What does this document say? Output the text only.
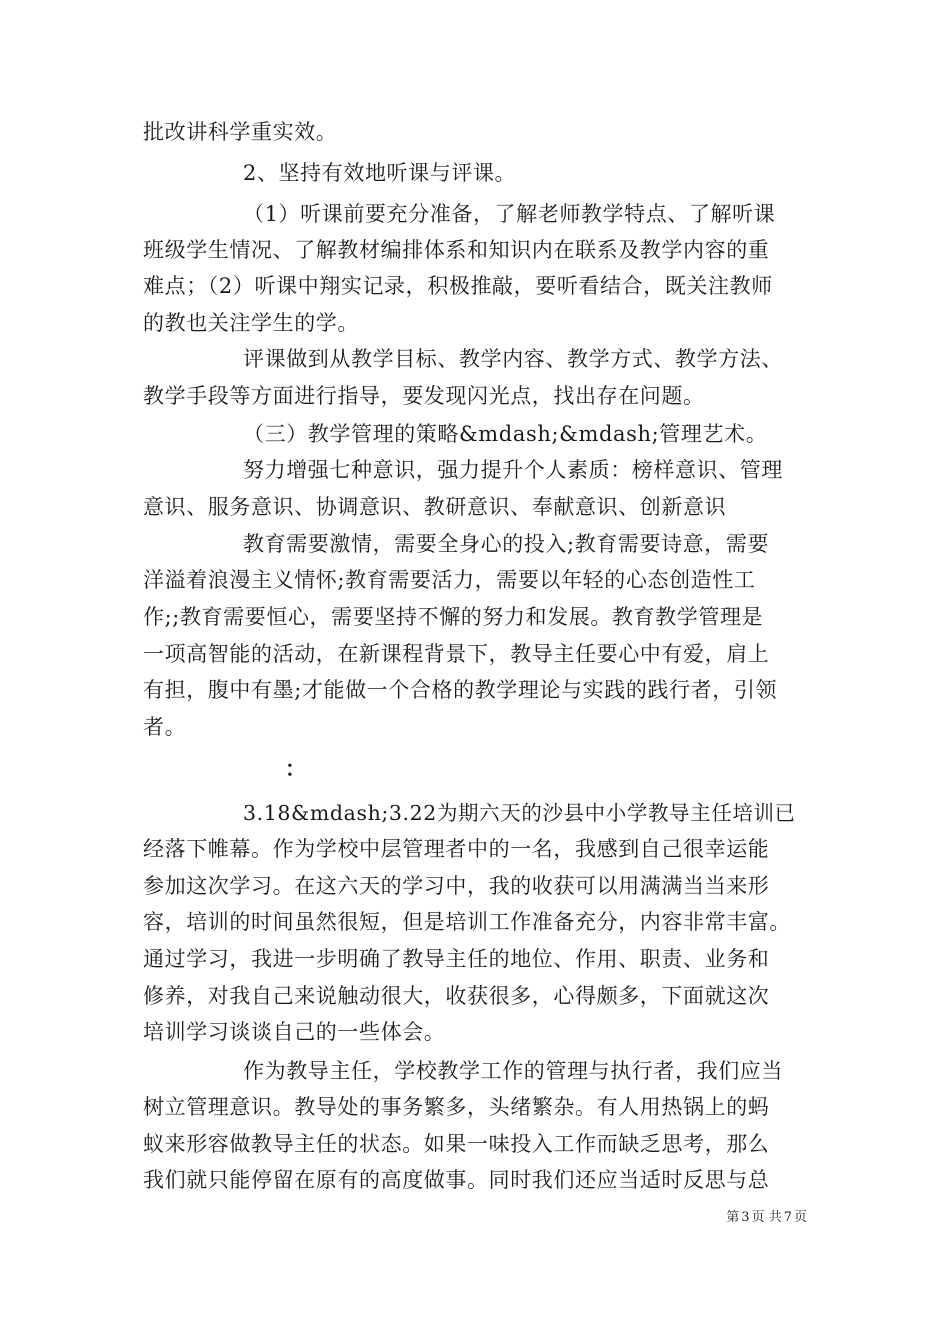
批改讲科学重实效。
2、坚持有效地听课与评课。
（1）听课前要充分准备，了解老师教学特点、了解听课
班级学生情况、了解教材编排体系和知识内在联系及教学内容的重
难点；（2）听课中翔实记录，积极推敲，要听看结合，既关注教师
的教也关注学生的学。
评课做到从教学目标、教学内容、教学方式、教学方法、
教学手段等方面进行指导，要发现闪光点，找出存在问题。
（三）教学管理的策略&mdash;&mdash;管理艺术。
努力增强七种意识，强力提升个人素质：榜样意识、管理
意识、服务意识、协调意识、教研意识、奉献意识、创新意识
教育需要激情，需要全身心的投入;教育需要诗意，需要
洋溢着浪漫主义情怀;教育需要活力，需要以年轻的心态创造性工
作;;教育需要恒心，需要坚持不懈的努力和发展。教育教学管理是
一项高智能的活动，在新课程背景下，教导主任要心中有爱，肩上
有担，腹中有墨;才能做一个合格的教学理论与实践的践行者，引领
者。
：
3.18&mdash;3.22为期六天的沙县中小学教导主任培训已
经落下帷幕。作为学校中层管理者中的一名，我感到自己很幸运能
参加这次学习。在这六天的学习中，我的收获可以用满满当当来形
容，培训的时间虽然很短，但是培训工作准备充分，内容非常丰富。
通过学习，我进一步明确了教导主任的地位、作用、职责、业务和
修养，对我自己来说触动很大，收获很多，心得颇多，下面就这次
培训学习谈谈自己的一些体会。
作为教导主任，学校教学工作的管理与执行者，我们应当
树立管理意识。教导处的事务繁多，头绪繁杂。有人用热锅上的蚂
蚁来形容做教导主任的状态。如果一味投入工作而缺乏思考，那么
我们就只能停留在原有的高度做事。同时我们还应当适时反思与总
第 3 页 共 7 页
